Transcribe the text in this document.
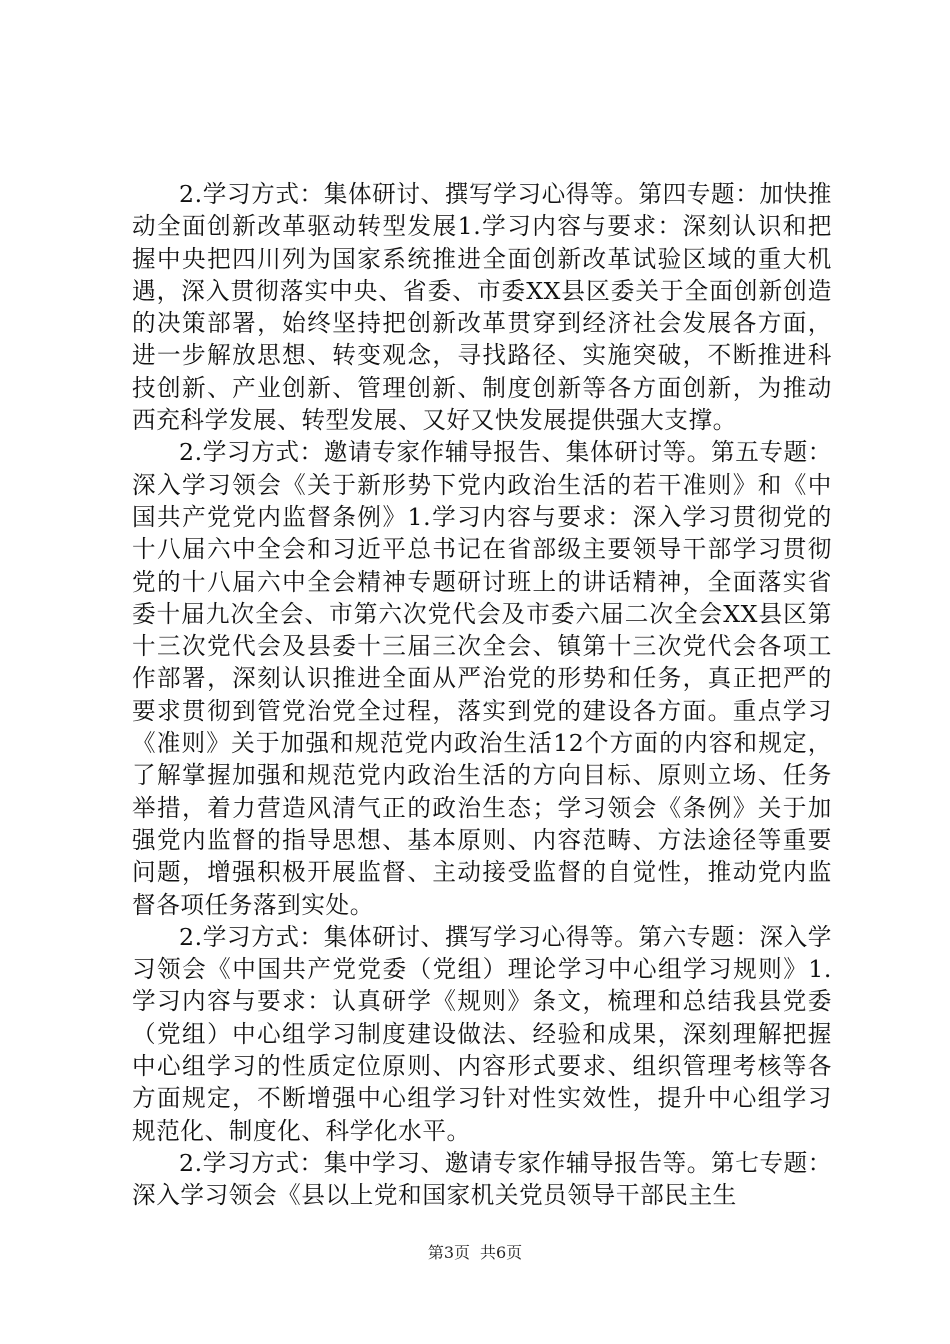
2.学习方式：集体研讨、撰写学习心得等。第四专题：加快推动全面创新改革驱动转型发展1.学习内容与要求：深刻认识和把握中央把四川列为国家系统推进全面创新改革试验区域的重大机遇，深入贯彻落实中央、省委、市委XX县区委关于全面创新创造的决策部署，始终坚持把创新改革贯穿到经济社会发展各方面，进一步解放思想、转变观念，寻找路径、实施突破，不断推进科技创新、产业创新、管理创新、制度创新等各方面创新，为推动西充科学发展、转型发展、又好又快发展提供强大支撑。

2.学习方式：邀请专家作辅导报告、集体研讨等。第五专题：深入学习领会《关于新形势下党内政治生活的若干准则》和《中国共产党党内监督条例》1.学习内容与要求：深入学习贯彻党的十八届六中全会和习近平总书记在省部级主要领导干部学习贯彻党的十八届六中全会精神专题研讨班上的讲话精神，全面落实省委十届九次全会、市第六次党代会及市委六届二次全会XX县区第十三次党代会及县委十三届三次全会、镇第十三次党代会各项工作部署，深刻认识推进全面从严治党的形势和任务，真正把严的要求贯彻到管党治党全过程，落实到党的建设各方面。重点学习《准则》关于加强和规范党内政治生活12个方面的内容和规定，了解掌握加强和规范党内政治生活的方向目标、原则立场、任务举措，着力营造风清气正的政治生态；学习领会《条例》关于加强党内监督的指导思想、基本原则、内容范畴、方法途径等重要问题，增强积极开展监督、主动接受监督的自觉性，推动党内监督各项任务落到实处。

2.学习方式：集体研讨、撰写学习心得等。第六专题：深入学习领会《中国共产党党委（党组）理论学习中心组学习规则》1.学习内容与要求：认真研学《规则》条文，梳理和总结我县党委（党组）中心组学习制度建设做法、经验和成果，深刻理解把握中心组学习的性质定位原则、内容形式要求、组织管理考核等各方面规定，不断增强中心组学习针对性实效性，提升中心组学习规范化、制度化、科学化水平。

2.学习方式：集中学习、邀请专家作辅导报告等。第七专题：深入学习领会《县以上党和国家机关党员领导干部民主生

第3页 共6页
